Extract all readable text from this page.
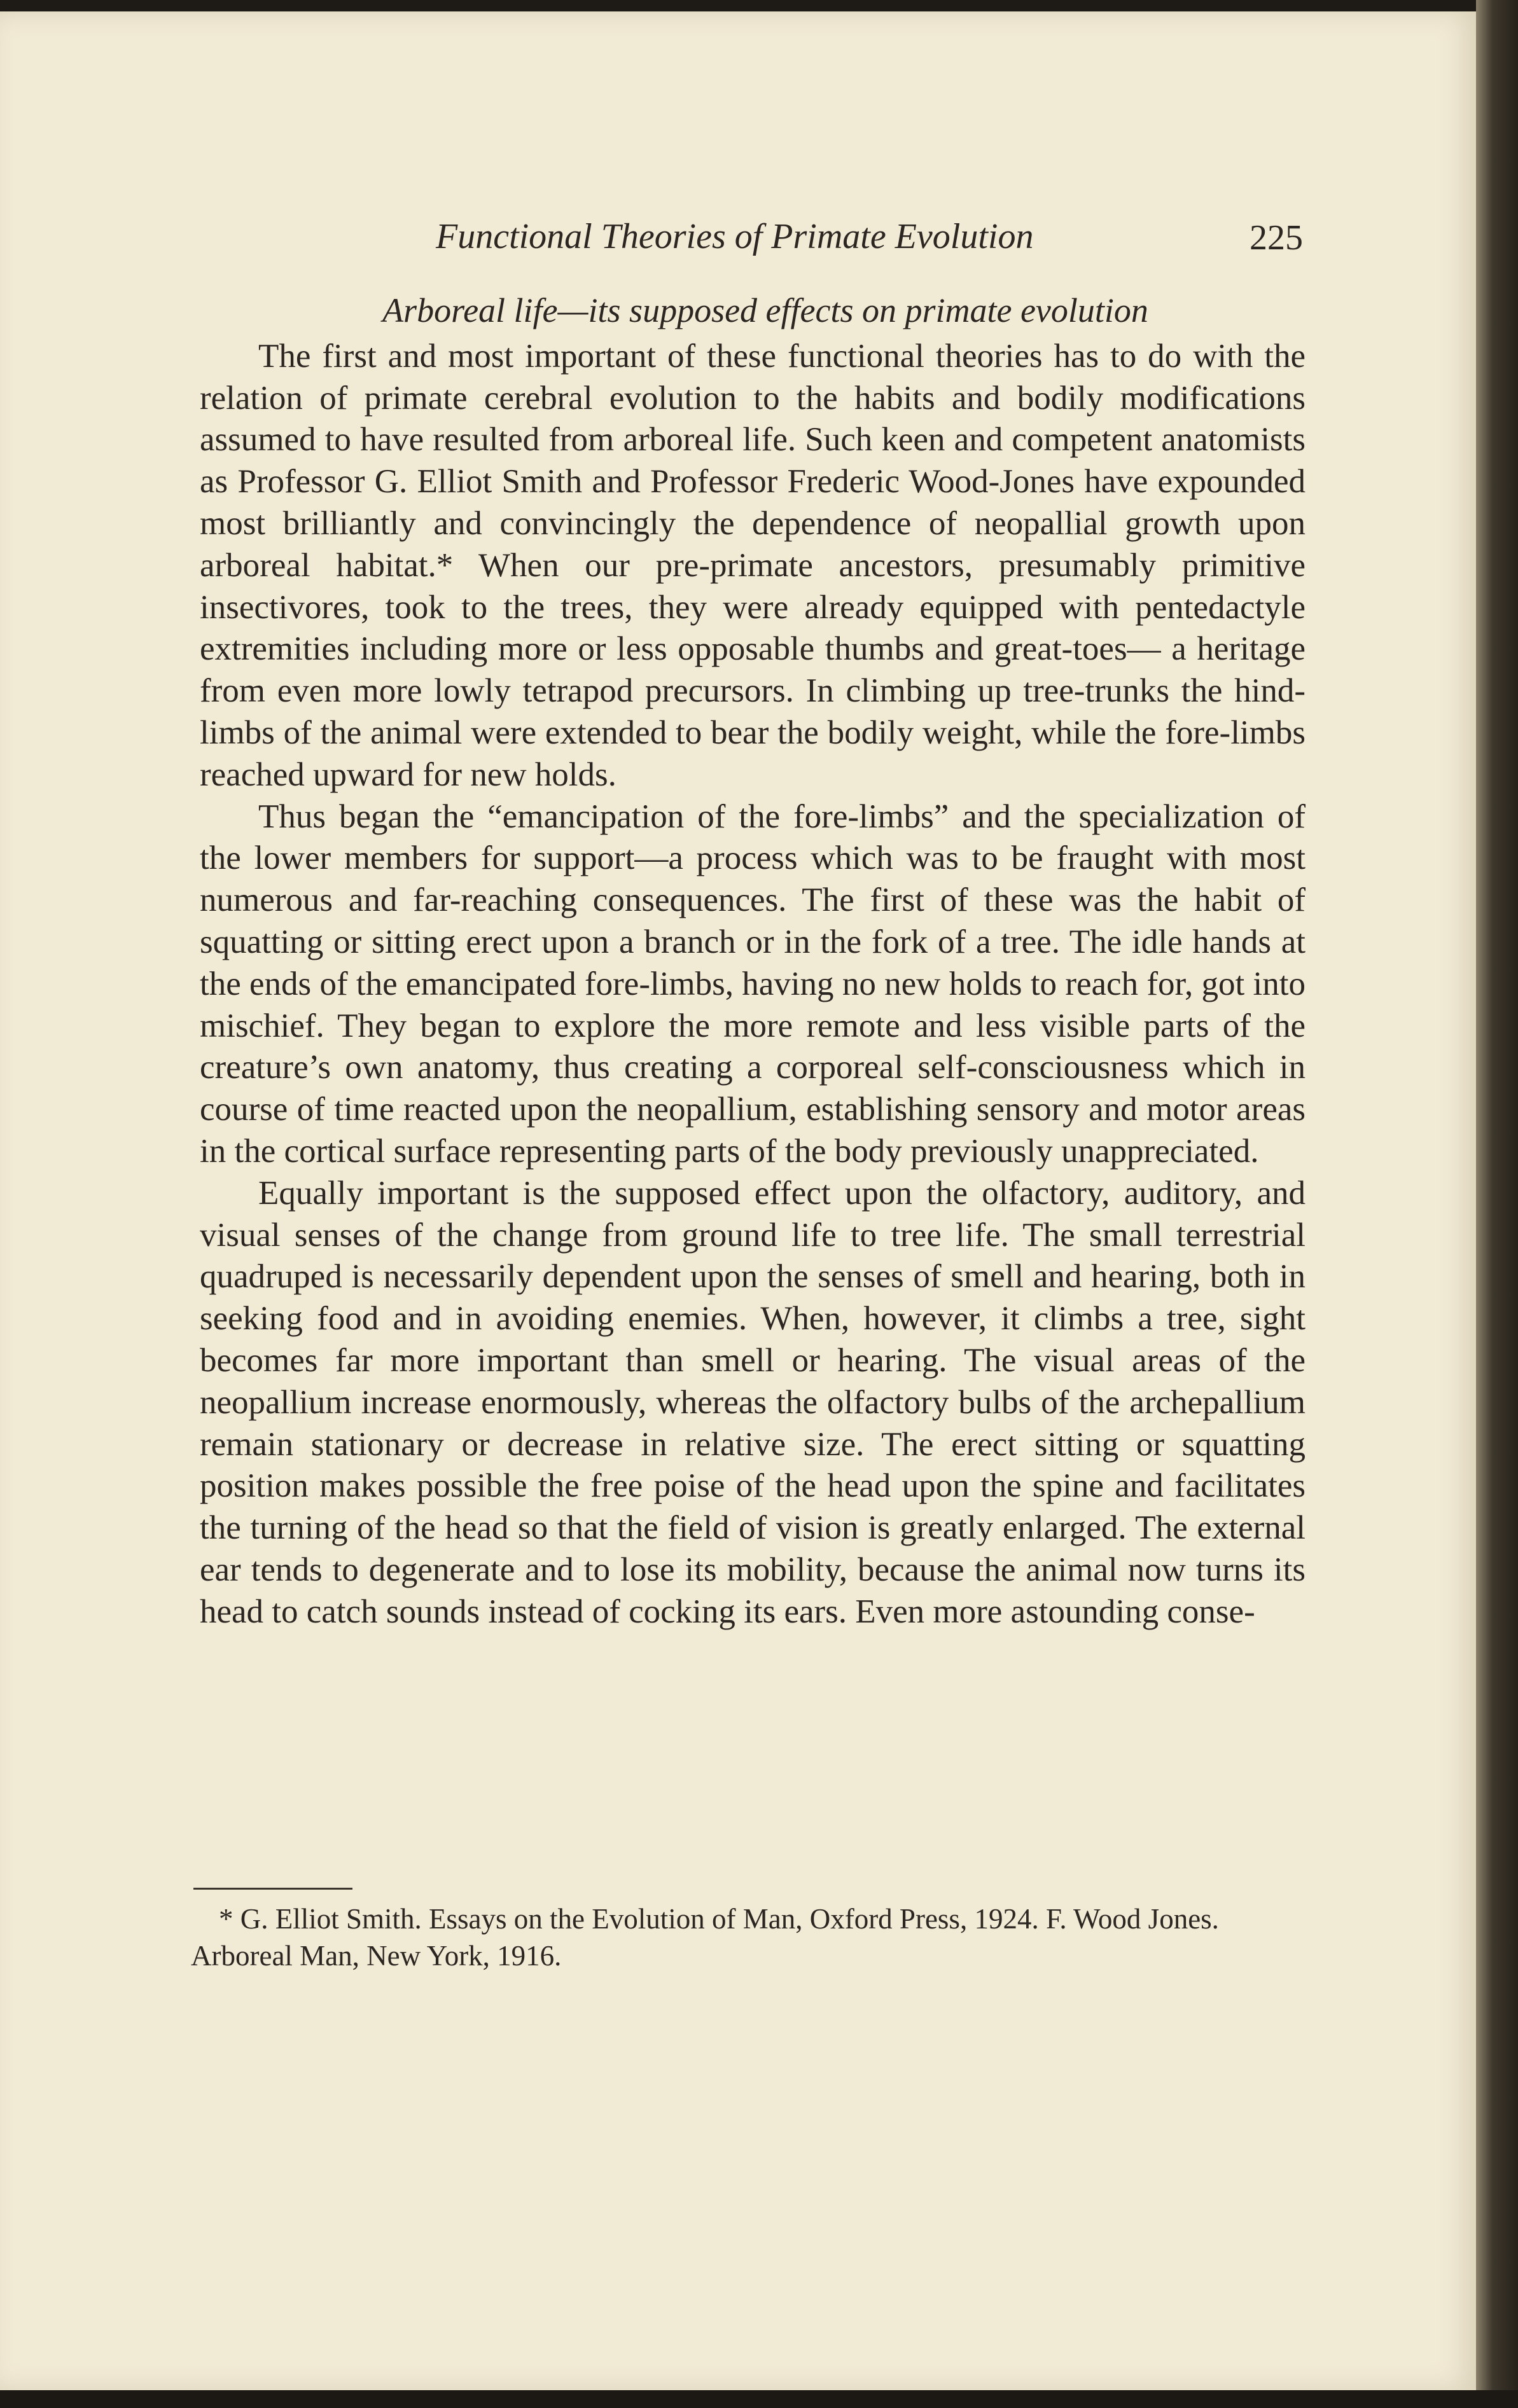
Functional Theories of Primate Evolution	225
Arboreal life—its supposed effects on primate evolution

The first and most important of these functional theories has to do with the relation of primate cerebral evolution to the habits and bodily modifications assumed to have resulted from arboreal life. Such keen and competent anatomists as Professor G. Elliot Smith and Professor Frederic Wood-Jones have expounded most brilliantly and convincingly the dependence of neopallial growth upon arboreal habitat.* When our pre-primate ancestors, presumably primitive insectivores, took to the trees, they were already equipped with pentedactyle extremities including more or less opposable thumbs and great-toes— a heritage from even more lowly tetrapod precursors. In climbing up tree-trunks the hind-limbs of the animal were extended to bear the bodily weight, while the fore-limbs reached upward for new holds.

Thus began the “emancipation of the fore-limbs” and the specialization of the lower members for support—a process which was to be fraught with most numerous and far-reaching consequences. The first of these was the habit of squatting or sitting erect upon a branch or in the fork of a tree. The idle hands at the ends of the emancipated fore-limbs, having no new holds to reach for, got into mischief. They began to explore the more remote and less visible parts of the creature’s own anatomy, thus creating a corporeal self-consciousness which in course of time reacted upon the neopallium, establishing sensory and motor areas in the cortical surface representing parts of the body previously unappreciated.

Equally important is the supposed effect upon the olfactory, auditory, and visual senses of the change from ground life to tree life. The small terrestrial quadruped is necessarily dependent upon the senses of smell and hearing, both in seeking food and in avoiding enemies. When, however, it climbs a tree, sight becomes far more important than smell or hearing. The visual areas of the neopallium increase enormously, whereas the olfactory bulbs of the archepallium remain stationary or decrease in relative size. The erect sitting or squatting position makes possible the free poise of the head upon the spine and facilitates the turning of the head so that the field of vision is greatly enlarged. The external ear tends to degenerate and to lose its mobility, because the animal now turns its head to catch sounds instead of cocking its ears. Even more astounding conse-

* G. Elliot Smith. Essays on the Evolution of Man, Oxford Press, 1924. F. Wood Jones. Arboreal Man, New York, 1916.
